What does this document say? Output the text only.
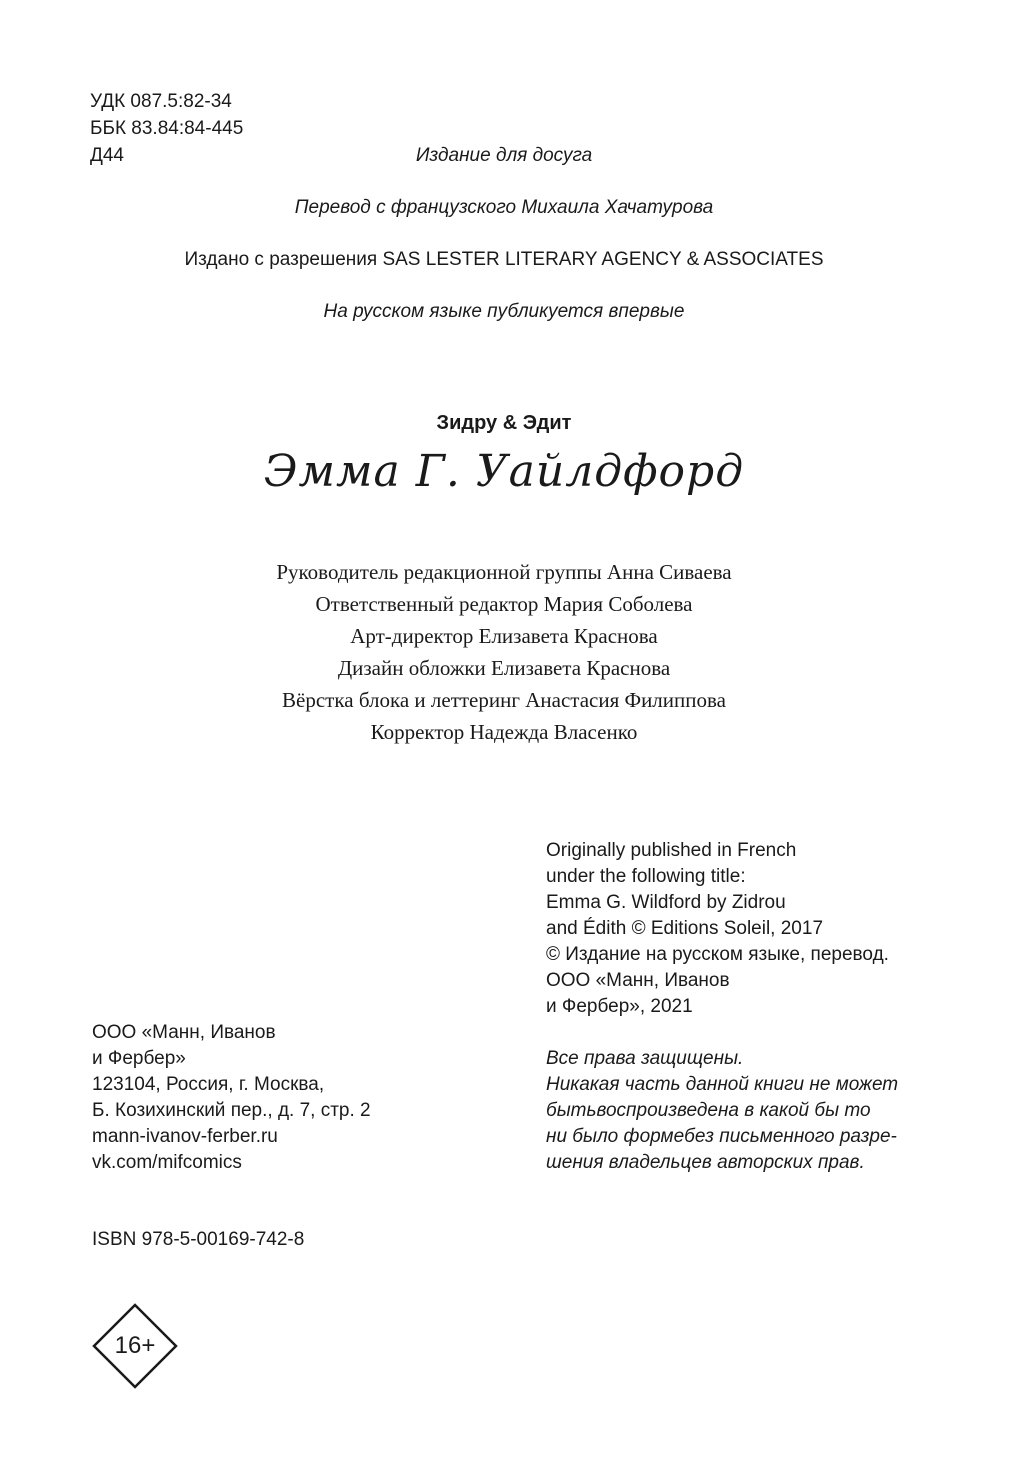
УДК 087.5:82-34
ББК 83.84:84-445
Д44	Издание для досуга
Перевод с французского Михаила Хачатурова
Издано с разрешения SAS LESTER LITERARY AGENCY & ASSOCIATES
На русском языке публикуется впервые
Зидру & Эдит
Эмма Г. Уайлдфорд
Руководитель редакционной группы Анна Сиваева
Ответственный редактор Мария Соболева
Арт-директор Елизавета Краснова
Дизайн обложки Елизавета Краснова
Вёрстка блока и леттеринг Анастасия Филиппова
Корректор Надежда Власенко
Originally published in French
under the following title:
Emma G. Wildford by Zidrou
and Édith © Editions Soleil, 2017
© Издание на русском языке, перевод.
ООО «Манн, Иванов
и Фербер», 2021
Все права защищены.
Никакая часть данной книги не может
бытьвоспроизведена в какой бы то
ни было формебез письменного разре-
шения владельцев авторских прав.
ООО «Манн, Иванов
и Фербер»
123104, Россия, г. Москва,
Б. Козихинский пер., д. 7, стр. 2
mann-ivanov-ferber.ru
vk.com/mifcomics
ISBN 978-5-00169-742-8
16+
